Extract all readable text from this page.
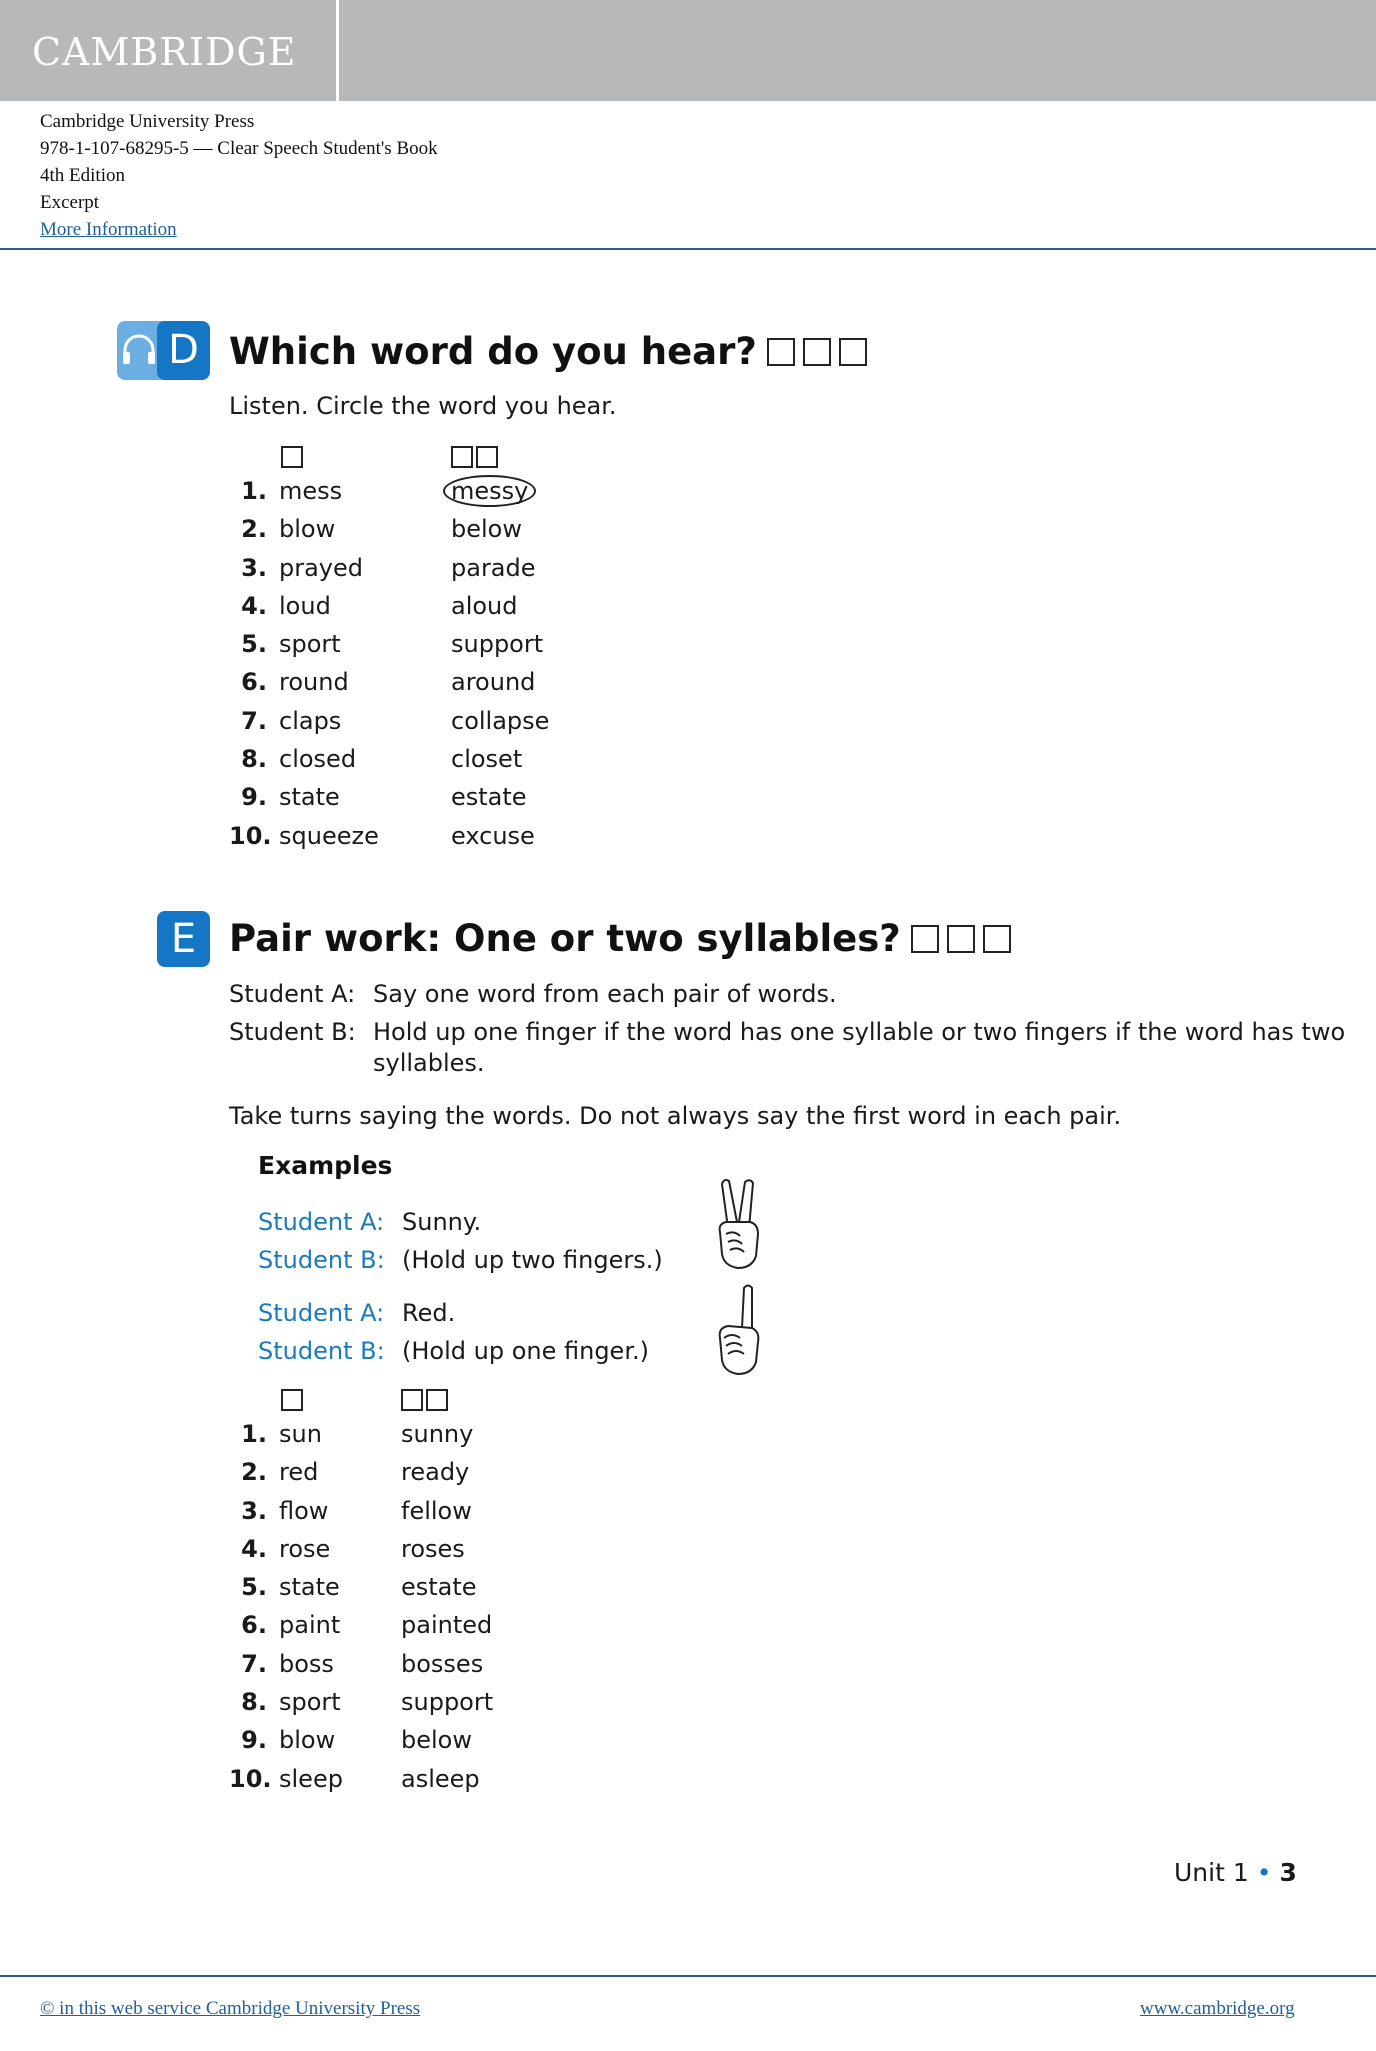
CAMBRIDGE
Cambridge University Press
978-1-107-68295-5 — Clear Speech Student's Book
4th Edition
Excerpt
More Information
D Which word do you hear?
Listen. Circle the word you hear.
1. mess	messy
2. blow	below
3. prayed	parade
4. loud	aloud
5. sport	support
6. round	around
7. claps	collapse
8. closed	closet
9. state	estate
10. squeeze	excuse
E Pair work: One or two syllables?
Student A: Say one word from each pair of words.
Student B: Hold up one finger if the word has one syllable or two fingers if the word has two syllables.
Take turns saying the words. Do not always say the first word in each pair.
Examples
Student A: Sunny.
Student B: (Hold up two fingers.)
Student A: Red.
Student B: (Hold up one finger.)
1. sun	sunny
2. red	ready
3. flow	fellow
4. rose	roses
5. state	estate
6. paint	painted
7. boss	bosses
8. sport	support
9. blow	below
10. sleep asleep
Unit 1 • 3
© in this web service Cambridge University Press	www.cambridge.org
